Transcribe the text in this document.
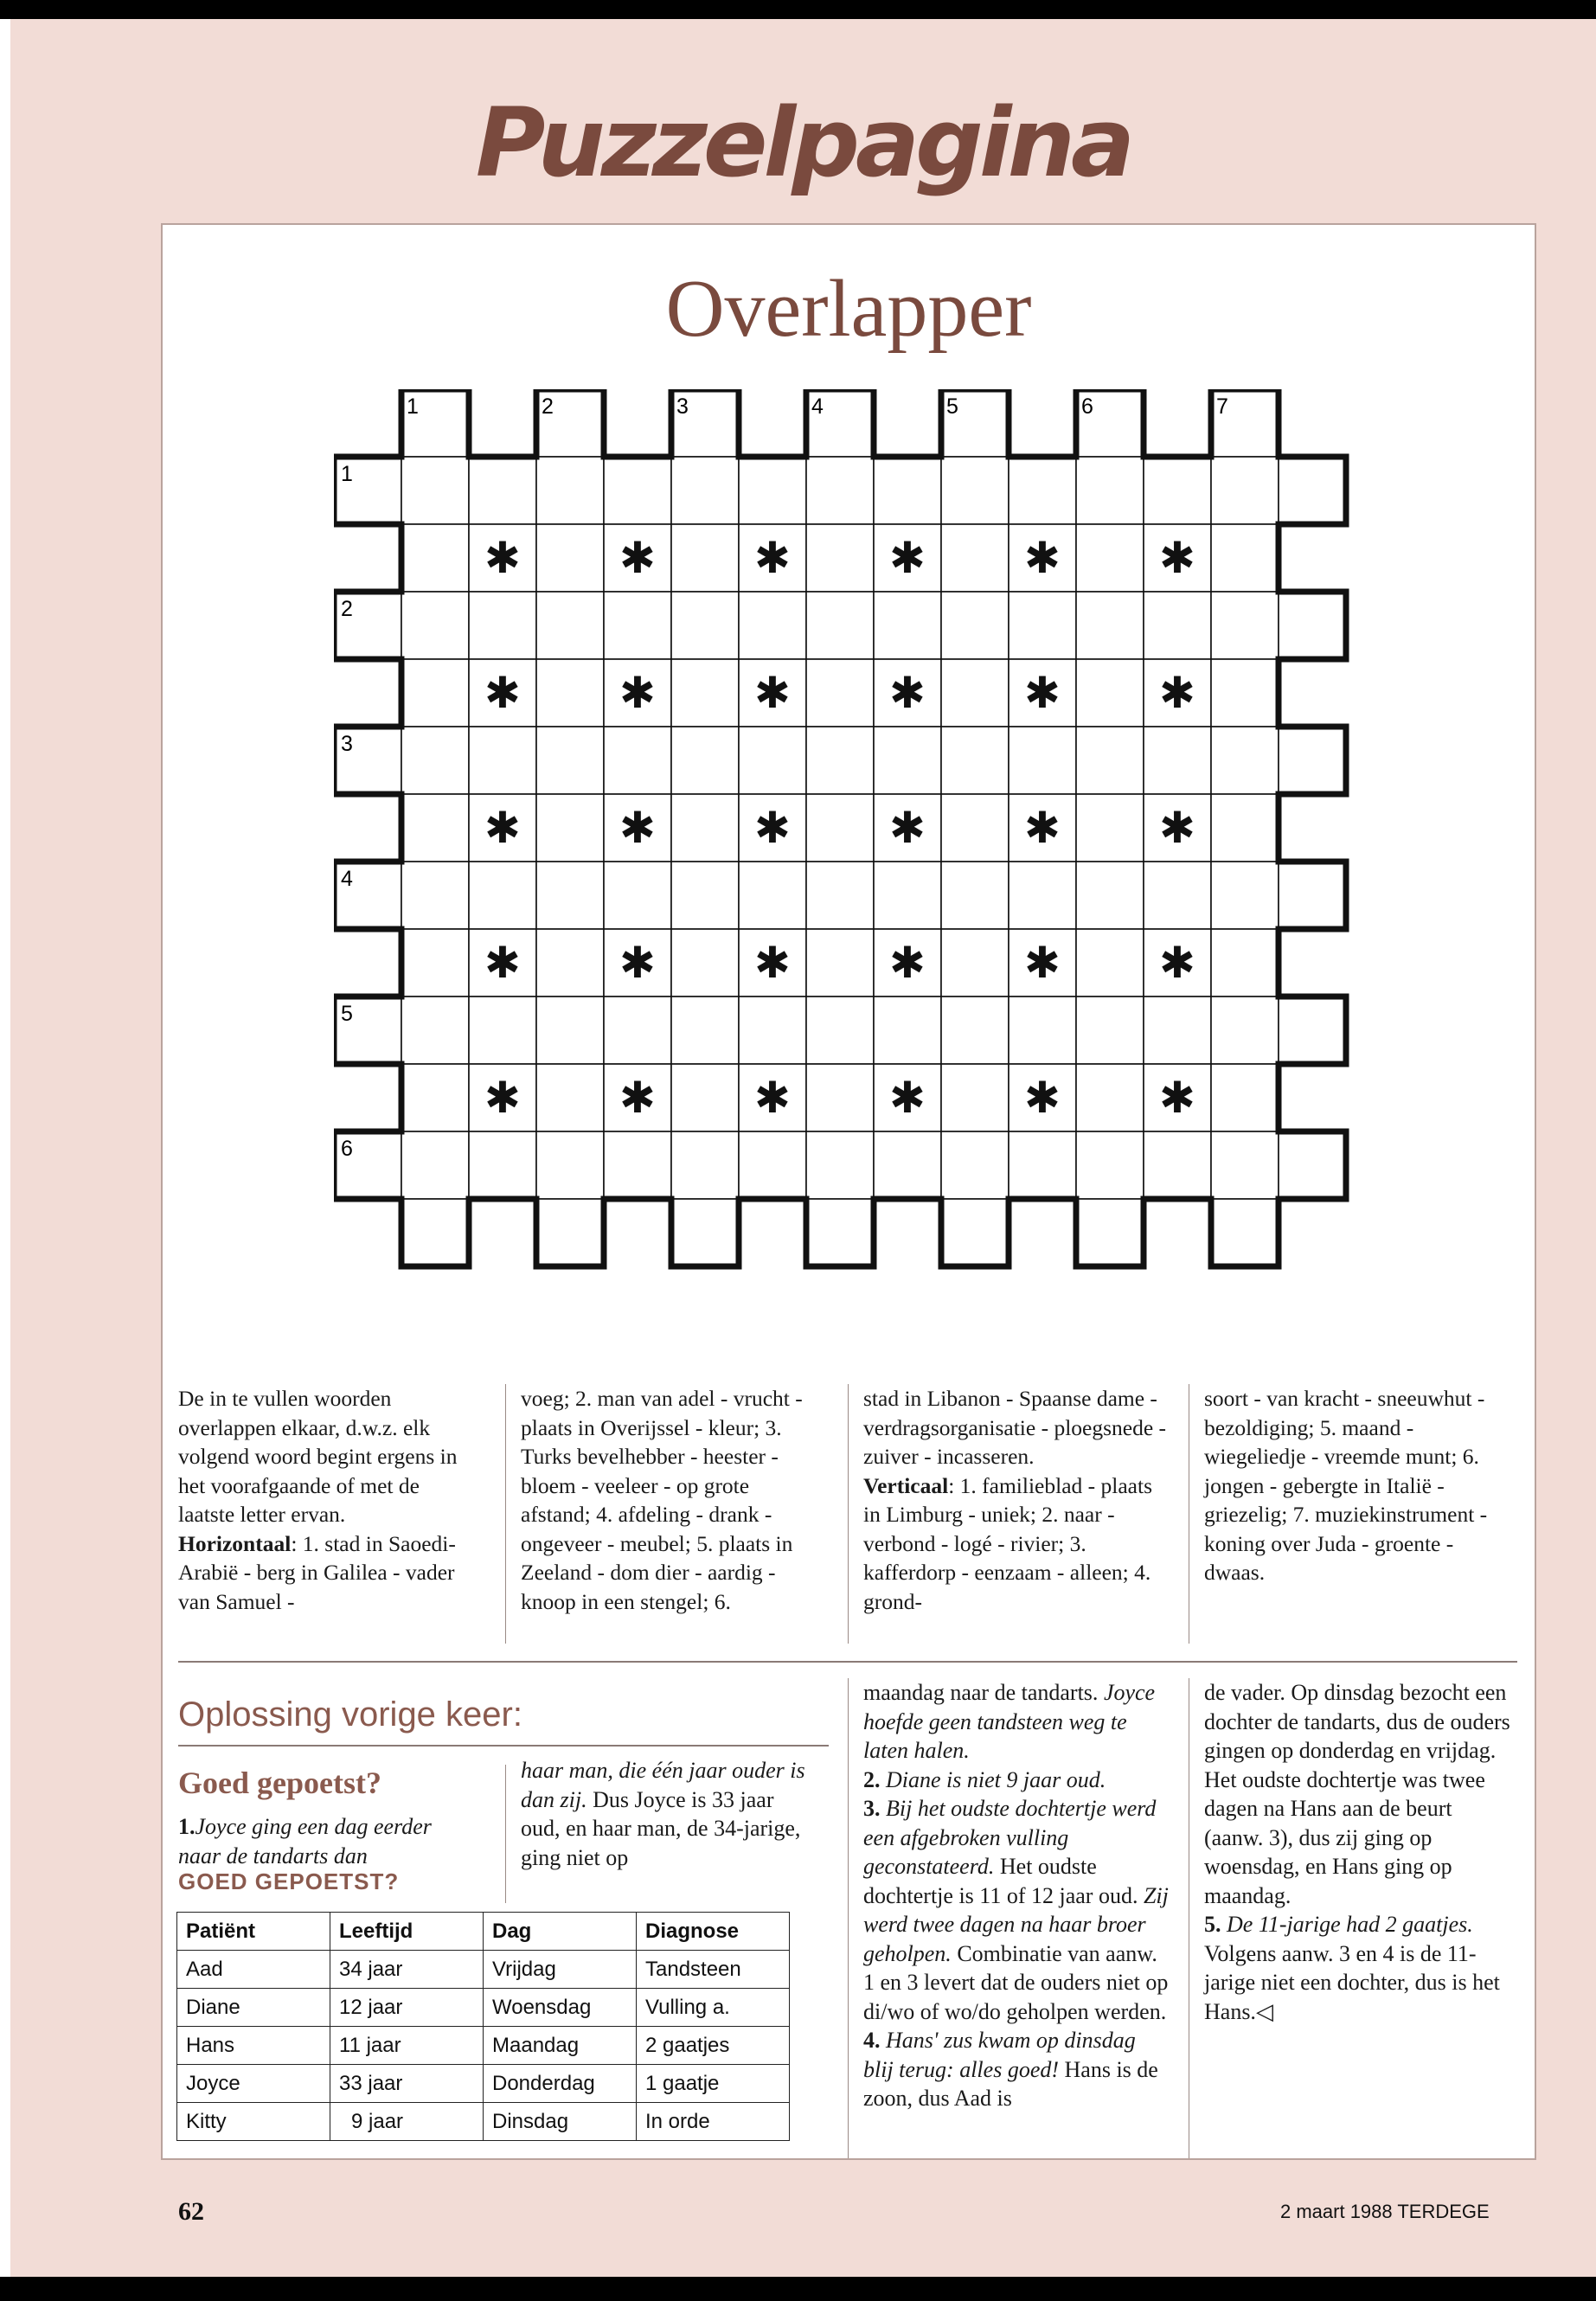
Puzzelpagina
Overlapper
✱ ✱ ✱ ✱ ✱ ✱
✱ ✱ ✱ ✱ ✱ ✱
✱ ✱ ✱ ✱ ✱ ✱
✱ ✱ ✱ ✱ ✱ ✱
✱ ✱ ✱ ✱ ✱ ✱
1	2	3	4	5	6	7
1
2
3
4
5
6
De in te vullen woorden overlappen elkaar, d.w.z. elk volgend woord begint ergens in het voorafgaande of met de laatste letter ervan.
Horizontaal: 1. stad in Saoedi-Arabië - berg in Galilea - vader van Samuel -
voeg; 2. man van adel - vrucht - plaats in Overijssel - kleur; 3. Turks bevelhebber - heester - bloem - veeleer - op grote afstand; 4. afdeling - drank - ongeveer - meubel; 5. plaats in Zeeland - dom dier - aardig - knoop in een stengel; 6.
stad in Libanon - Spaanse dame - verdragsorganisatie - ploegsnede - zuiver - incasseren.
Verticaal: 1. familieblad - plaats in Limburg - uniek; 2. naar - verbond - logé - rivier; 3. kafferdorp - eenzaam - alleen; 4. grond-
soort - van kracht - sneeuwhut - bezoldiging; 5. maand - wiegeliedje - vreemde munt; 6. jongen - gebergte in Italië - griezelig; 7. muziekinstrument - koning over Juda - groente - dwaas.
Oplossing vorige keer:
Goed gepoetst?
1.Joyce ging een dag eerder naar de tandarts dan
haar man, die één jaar ouder is dan zij. Dus Joyce is 33 jaar oud, en haar man, de 34-jarige, ging niet op
GOED GEPOETST?
Patiënt	Leeftijd	Dag	Diagnose
Aad	34 jaar	Vrijdag	Tandsteen
Diane	12 jaar	Woensdag	Vulling a.
Hans	11 jaar	Maandag	2 gaatjes
Joyce	33 jaar	Donderdag	1 gaatje
Kitty	9 jaar	Dinsdag	In orde
maandag naar de tandarts. Joyce hoefde geen tandsteen weg te laten halen.
2. Diane is niet 9 jaar oud.
3. Bij het oudste dochtertje werd een afgebroken vulling geconstateerd. Het oudste dochtertje is 11 of 12 jaar oud. Zij werd twee dagen na haar broer geholpen. Combinatie van aanw. 1 en 3 levert dat de ouders niet op di/wo of wo/do geholpen werden.
4. Hans' zus kwam op dinsdag blij terug: alles goed! Hans is de zoon, dus Aad is
de vader. Op dinsdag bezocht een dochter de tandarts, dus de ouders gingen op donderdag en vrijdag. Het oudste dochtertje was twee dagen na Hans aan de beurt (aanw. 3), dus zij ging op woensdag, en Hans ging op maandag.
5. De 11-jarige had 2 gaatjes. Volgens aanw. 3 en 4 is de 11-jarige niet een dochter, dus is het Hans.◁
62	2 maart 1988 TERDEGE
